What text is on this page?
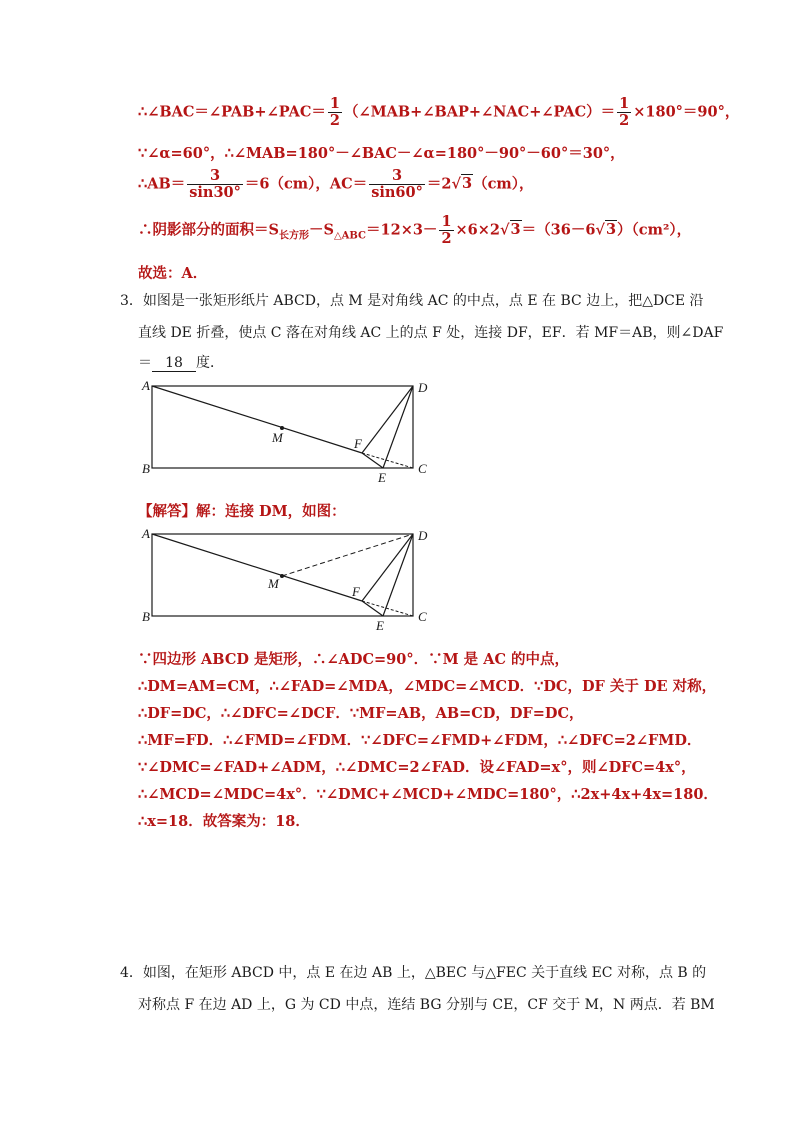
∴∠BAC＝∠PAB+∠PAC＝ $\frac{1}{2}$ （∠MAB+∠BAP+∠NAC+∠PAC）＝ $\frac{1}{2} \times 180^\circ=90^\circ$，
∵∠α=60°，∴∠MAB=180°－∠BAC－∠α=180°－90°－60°＝30°，
∴AB＝ $\frac{3}{\sin 30^\circ} =6(cm)$，$AC= \frac{3}{\sin 60^\circ} =2√3(cm)$，
∴阴影部分的面积$=S_{长方形}-S_{\triangle ABC}=12\times 3- \frac{1}{2} \times 6\times 2√3=(36-6√3)(cm^2)$，
故选：A．
3．如图是一张矩形纸片 ABCD，点 M 是对角线 AC 的中点，点 E 在 BC 边上，把△DCE 沿
直线 DE 折叠，使点 C 落在对角线 AC 上的点 F 处，连接 DF，EF．若 MF＝AB，则∠DAF
＝ 18 度．
A
B	C
D
M	F
E
【解答】解：连接 DM，如图：
A
B	C
D
M
F
E
∵四边形 ABCD 是矩形，∴∠ADC=90°．∵M 是 AC 的中点，
∴DM=AM=CM，∴∠FAD=∠MDA，∠MDC=∠MCD．∵DC，DF 关于 DE 对称，
∴DF=DC，∴∠DFC=∠DCF．∵MF=AB，AB=CD，DF=DC，
∴MF=FD．∴∠FMD=∠FDM．∵∠DFC=∠FMD+∠FDM，∴∠DFC=2∠FMD．
∵∠DMC=∠FAD+∠ADM，∴∠DMC=2∠FAD．设∠FAD=x°，则∠DFC=4x°，
∴∠MCD=∠MDC=4x°．∵∠DMC+∠MCD+∠MDC=180°，∴2x+4x+4x=180．
∴x=18．故答案为：18．
4．如图，在矩形 ABCD 中，点 E 在边 AB 上，△BEC 与△FEC 关于直线 EC 对称，点 B 的
对称点 F 在边 AD 上，G 为 CD 中点，连结 BG 分别与 CE，CF 交于 M，N 两点．若 BM
